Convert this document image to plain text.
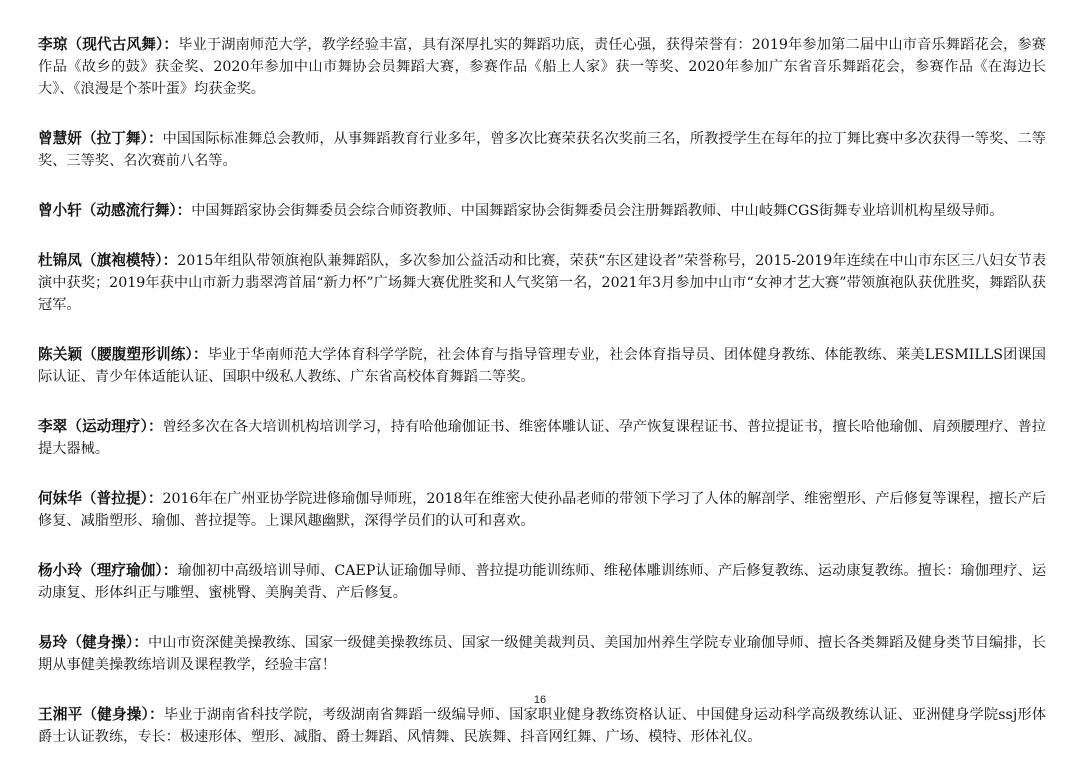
李琼（现代古风舞）：毕业于湖南师范大学，教学经验丰富，具有深厚扎实的舞蹈功底，责任心强，获得荣誉有：2019年参加第二届中山市音乐舞蹈花会，参赛作品《故乡的鼓》获金奖、2020年参加中山市舞协会员舞蹈大赛，参赛作品《船上人家》获一等奖、2020年参加广东省音乐舞蹈花会，参赛作品《在海边长大》、《浪漫是个茶叶蛋》均获金奖。

曾慧妍（拉丁舞）：中国国际标准舞总会教师，从事舞蹈教育行业多年，曾多次比赛荣获名次奖前三名，所教授学生在每年的拉丁舞比赛中多次获得一等奖、二等奖、三等奖、名次赛前八名等。

曾小轩（动感流行舞）：中国舞蹈家协会街舞委员会综合师资教师、中国舞蹈家协会街舞委员会注册舞蹈教师、中山岐舞CGS街舞专业培训机构星级导师。

杜锦凤（旗袍模特）：2015年组队带领旗袍队兼舞蹈队，多次参加公益活动和比赛，荣获“东区建设者”荣誉称号，2015-2019年连续在中山市东区三八妇女节表演中获奖；2019年获中山市新力翡翠湾首届“新力杯”广场舞大赛优胜奖和人气奖第一名，2021年3月参加中山市“女神才艺大赛”带领旗袍队获优胜奖，舞蹈队获冠军。

陈关颖（腰腹塑形训练）：毕业于华南师范大学体育科学学院，社会体育与指导管理专业，社会体育指导员、团体健身教练、体能教练、莱美LESMILLS团课国际认证、青少年体适能认证、国职中级私人教练、广东省高校体育舞蹈二等奖。

李翠（运动理疗）：曾经多次在各大培训机构培训学习，持有哈他瑜伽证书、维密体雕认证、孕产恢复课程证书、普拉提证书，擅长哈他瑜伽、肩颈腰理疗、普拉提大器械。

何妹华（普拉提）：2016年在广州亚协学院进修瑜伽导师班，2018年在维密大使孙晶老师的带领下学习了人体的解剖学、维密塑形、产后修复等课程，擅长产后修复、减脂塑形、瑜伽、普拉提等。上课风趣幽默，深得学员们的认可和喜欢。

杨小玲（理疗瑜伽）：瑜伽初中高级培训导师、CAEP认证瑜伽导师、普拉提功能训练师、维秘体雕训练师、产后修复教练、运动康复教练。擅长：瑜伽理疗、运动康复、形体纠正与雕塑、蜜桃臀、美胸美背、产后修复。

易玲（健身操）：中山市资深健美操教练、国家一级健美操教练员、国家一级健美裁判员、美国加州养生学院专业瑜伽导师、擅长各类舞蹈及健身类节目编排，长期从事健美操教练培训及课程教学，经验丰富！

王湘平（健身操）：毕业于湖南省科技学院，考级湖南省舞蹈一级编导师、国家职业健身教练资格认证、中国健身运动科学高级教练认证、亚洲健身学院ssj形体爵士认证教练，专长：极速形体、塑形、减脂、爵士舞蹈、风情舞、民族舞、抖音网红舞、广场、模特、形体礼仪。

16
